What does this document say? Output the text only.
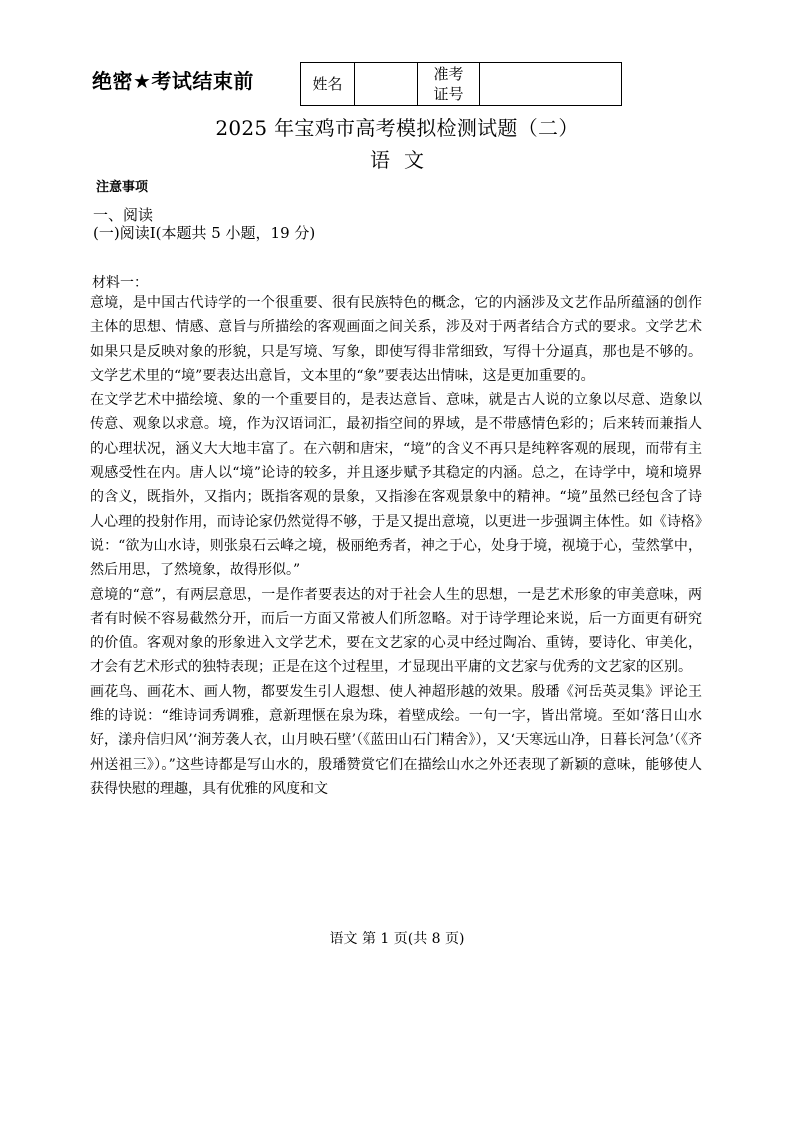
绝密★考试结束前	姓名
准考证号
2025 年宝鸡市高考模拟检测试题（二）
语文
注意事项
一、阅读
(一)阅读Ⅰ(本题共 5 小题，19 分)
材料一：

意境，是中国古代诗学的一个很重要、很有民族特色的概念，它的内涵涉及文艺作品所蕴涵的创作主体的思想、情感、意旨与所描绘的客观画面之间关系，涉及对于两者结合方式的要求。文学艺术如果只是反映对象的形貌，只是写境、写象，即使写得非常细致，写得十分逼真，那也是不够的。文学艺术里的“境”要表达出意旨，文本里的“象”要表达出情味，这是更加重要的。

在文学艺术中描绘境、象的一个重要目的，是表达意旨、意味，就是古人说的立象以尽意、造象以传意、观象以求意。境，作为汉语词汇，最初指空间的界域，是不带感情色彩的；后来转而兼指人的心理状况，涵义大大地丰富了。在六朝和唐宋，“境”的含义不再只是纯粹客观的展现，而带有主观感受性在内。唐人以“境”论诗的较多，并且逐步赋予其稳定的内涵。总之，在诗学中，境和境界的含义，既指外，又指内；既指客观的景象，又指渗在客观景象中的精神。“境”虽然已经包含了诗人心理的投射作用，而诗论家仍然觉得不够，于是又提出意境，以更进一步强调主体性。如《诗格》说：“欲为山水诗，则张泉石云峰之境，极丽绝秀者，神之于心，处身于境，视境于心，莹然掌中，然后用思，了然境象，故得形似。”

意境的“意”，有两层意思，一是作者要表达的对于社会人生的思想，一是艺术形象的审美意味，两者有时候不容易截然分开，而后一方面又常被人们所忽略。对于诗学理论来说，后一方面更有研究的价值。客观对象的形象进入文学艺术，要在文艺家的心灵中经过陶冶、重铸，要诗化、审美化，才会有艺术形式的独特表现；正是在这个过程里，才显现出平庸的文艺家与优秀的文艺家的区别。

画花鸟、画花木、画人物，都要发生引人遐想、使人神超形越的效果。殷璠《河岳英灵集》评论王维的诗说：“维诗词秀调雅，意新理惬在泉为珠，着壁成绘。一句一字，皆出常境。至如‘落日山水好，漾舟信归风’‘涧芳袭人衣，山月映石壁’（《蓝田山石门精舍》），又‘天寒远山净，日暮长河急’（《齐州送祖三》）。”这些诗都是写山水的，殷璠赞赏它们在描绘山水之外还表现了新颖的意味，能够使人获得快慰的理趣，具有优雅的风度和文

语文 第 1 页(共 8 页)
